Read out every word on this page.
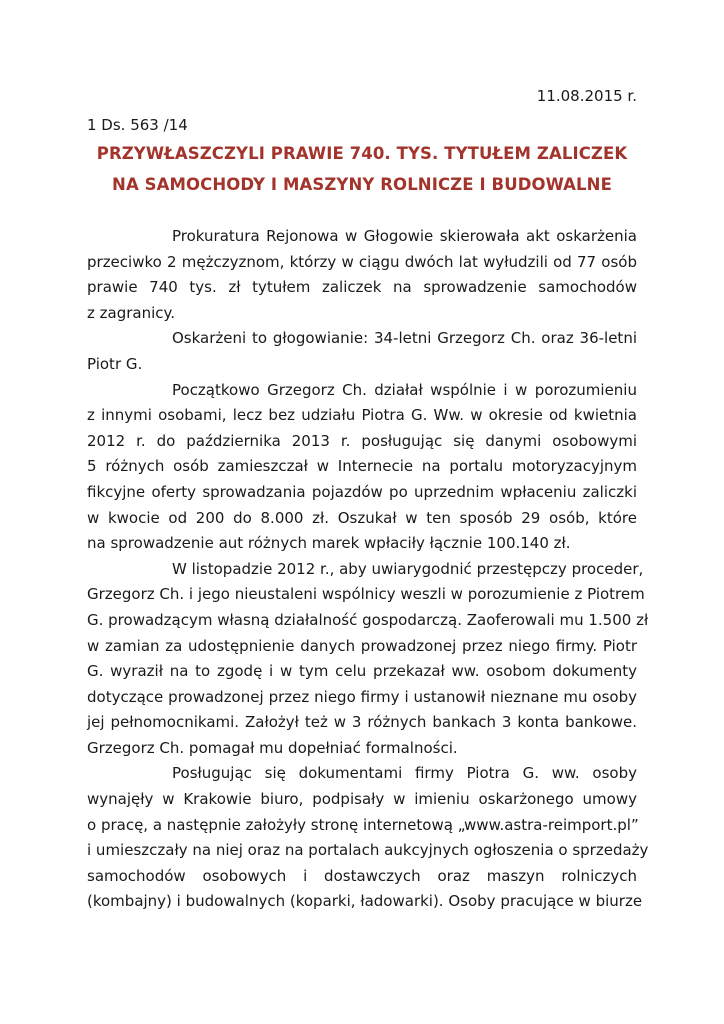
11.08.2015 r.
1 Ds. 563 /14
PRZYWŁASZCZYLI PRAWIE 740. TYS. TYTUŁEM ZALICZEK
NA SAMOCHODY I MASZYNY ROLNICZE I BUDOWALNE

Prokuratura Rejonowa w Głogowie skierowała akt oskarżenia
przeciwko 2 mężczyznom, którzy w ciągu dwóch lat wyłudzili od 77 osób
prawie 740 tys. zł tytułem zaliczek na sprowadzenie samochodów
z zagranicy.

Oskarżeni to głogowianie: 34-letni Grzegorz Ch. oraz 36-letni
Piotr G.

Początkowo Grzegorz Ch. działał wspólnie i w porozumieniu
z innymi osobami, lecz bez udziału Piotra G. Ww. w okresie od kwietnia
2012 r. do października 2013 r. posługując się danymi osobowymi
5 różnych osób zamieszczał w Internecie na portalu motoryzacyjnym
fikcyjne oferty sprowadzania pojazdów po uprzednim wpłaceniu zaliczki
w kwocie od 200 do 8.000 zł. Oszukał w ten sposób 29 osób, które
na sprowadzenie aut różnych marek wpłaciły łącznie 100.140 zł.

W listopadzie 2012 r., aby uwiarygodnić przestępczy proceder,
Grzegorz Ch. i jego nieustaleni wspólnicy weszli w porozumienie z Piotrem
G. prowadzącym własną działalność gospodarczą. Zaoferowali mu 1.500 zł
w zamian za udostępnienie danych prowadzonej przez niego firmy. Piotr
G. wyraził na to zgodę i w tym celu przekazał ww. osobom dokumenty
dotyczące prowadzonej przez niego firmy i ustanowił nieznane mu osoby
jej pełnomocnikami. Założył też w 3 różnych bankach 3 konta bankowe.
Grzegorz Ch. pomagał mu dopełniać formalności.

Posługując się dokumentami firmy Piotra G. ww. osoby
wynajęły w Krakowie biuro, podpisały w imieniu oskarżonego umowy
o pracę, a następnie założyły stronę internetową „www.astra-reimport.pl”
i umieszczały na niej oraz na portalach aukcyjnych ogłoszenia o sprzedaży
samochodów osobowych i dostawczych oraz maszyn rolniczych
(kombajny) i budowalnych (koparki, ładowarki). Osoby pracujące w biurze
